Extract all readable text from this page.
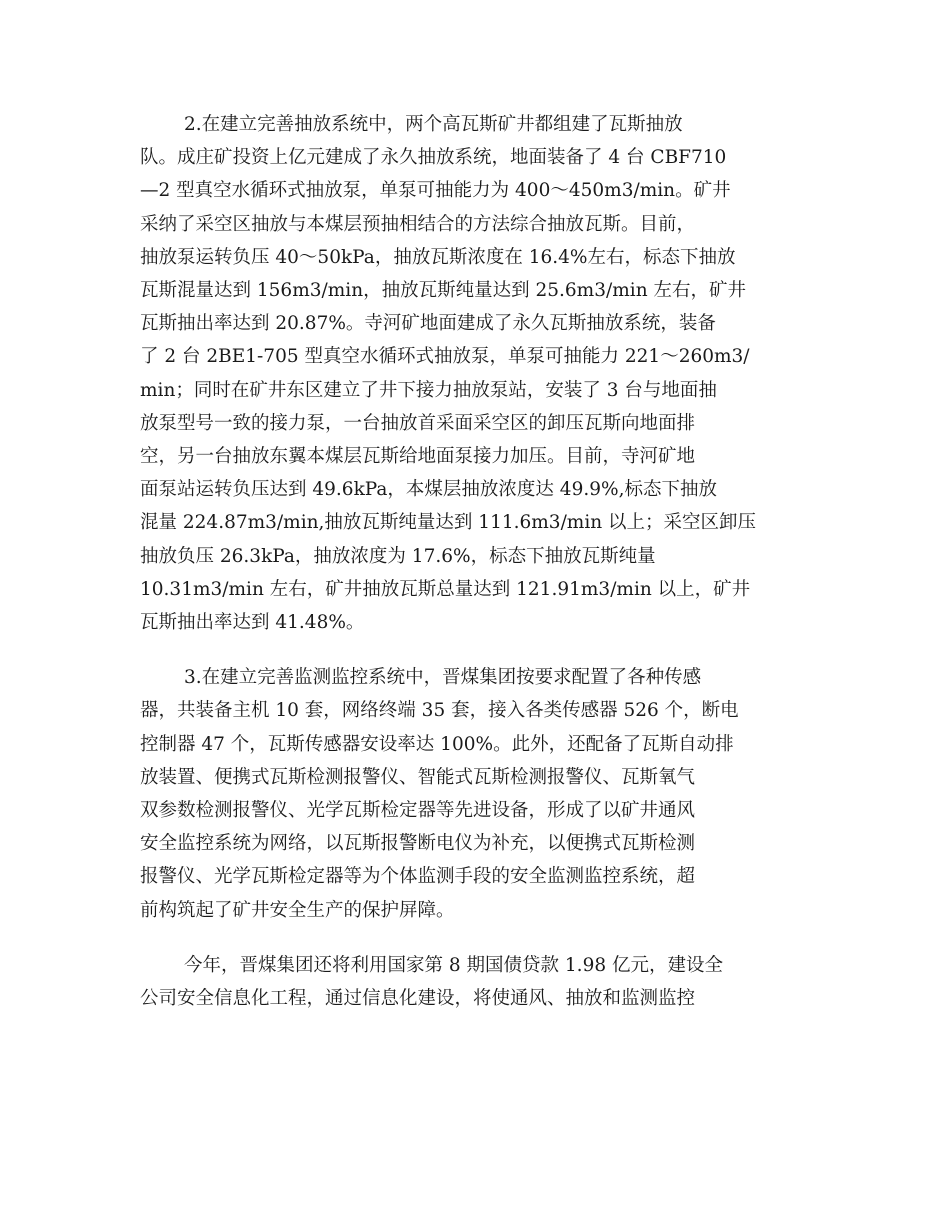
2.在建立完善抽放系统中，两个高瓦斯矿井都组建了瓦斯抽放
队。成庄矿投资上亿元建成了永久抽放系统，地面装备了 4 台 CBF710
—2 型真空水循环式抽放泵，单泵可抽能力为 400～450m3/min。矿井
采纳了采空区抽放与本煤层预抽相结合的方法综合抽放瓦斯。目前，
抽放泵运转负压 40～50kPa，抽放瓦斯浓度在 16.4%左右，标态下抽放
瓦斯混量达到 156m3/min，抽放瓦斯纯量达到 25.6m3/min 左右，矿井
瓦斯抽出率达到 20.87%。寺河矿地面建成了永久瓦斯抽放系统，装备
了 2 台 2BE1-705 型真空水循环式抽放泵，单泵可抽能力 221～260m3/
min；同时在矿井东区建立了井下接力抽放泵站，安装了 3 台与地面抽
放泵型号一致的接力泵，一台抽放首采面采空区的卸压瓦斯向地面排
空，另一台抽放东翼本煤层瓦斯给地面泵接力加压。目前，寺河矿地
面泵站运转负压达到 49.6kPa，本煤层抽放浓度达 49.9%,标态下抽放
混量 224.87m3/min,抽放瓦斯纯量达到 111.6m3/min 以上；采空区卸压
抽放负压 26.3kPa，抽放浓度为 17.6%，标态下抽放瓦斯纯量
10.31m3/min 左右，矿井抽放瓦斯总量达到 121.91m3/min 以上，矿井
瓦斯抽出率达到 41.48%。

3.在建立完善监测监控系统中，晋煤集团按要求配置了各种传感
器，共装备主机 10 套，网络终端 35 套，接入各类传感器 526 个，断电
控制器 47 个，瓦斯传感器安设率达 100%。此外，还配备了瓦斯自动排
放装置、便携式瓦斯检测报警仪、智能式瓦斯检测报警仪、瓦斯氧气
双参数检测报警仪、光学瓦斯检定器等先进设备，形成了以矿井通风
安全监控系统为网络，以瓦斯报警断电仪为补充，以便携式瓦斯检测
报警仪、光学瓦斯检定器等为个体监测手段的安全监测监控系统，超
前构筑起了矿井安全生产的保护屏障。

今年，晋煤集团还将利用国家第 8 期国债贷款 1.98 亿元，建设全
公司安全信息化工程，通过信息化建设，将使通风、抽放和监测监控
